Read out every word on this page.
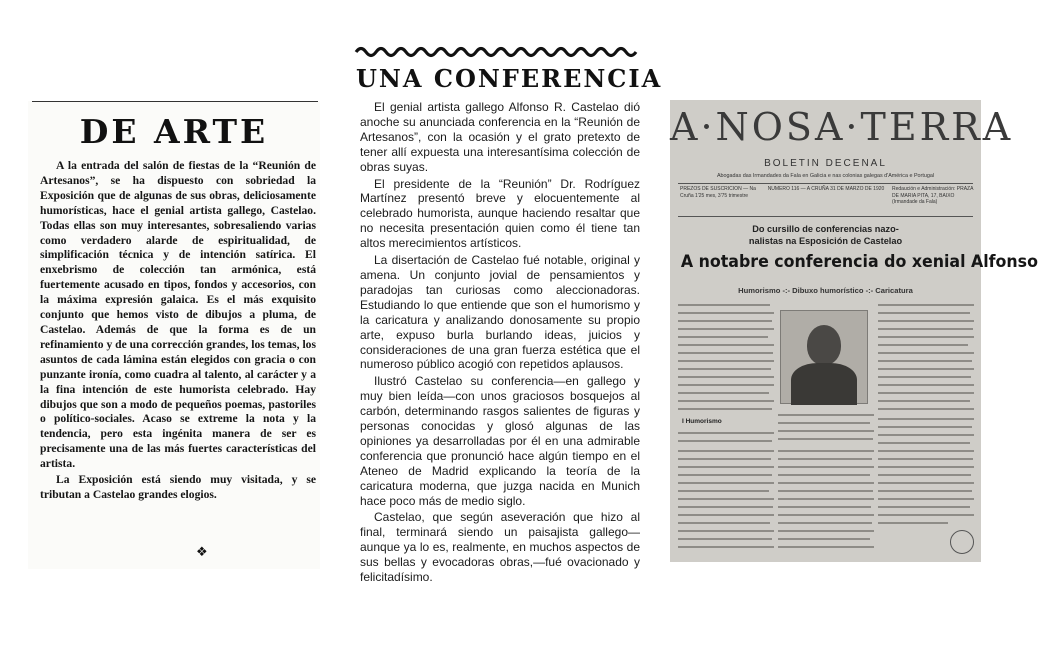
DE ARTE

A la entrada del salón de fiestas de la “Reunión de Artesanos”, se ha dispuesto con sobriedad la Exposición que de algunas de sus obras, deliciosamente humorísticas, hace el genial artista gallego, Castelao. Todas ellas son muy interesantes, sobresaliendo varias como verdadero alarde de espiritualidad, de simplificación técnica y de intención satírica. El enxebrismo de colección tan armónica, está fuertemente acusado en tipos, fondos y accesorios, con la máxima expresión galaica. Es el más exquisito conjunto que hemos visto de dibujos a pluma, de Castelao. Además de que la forma es de un refinamiento y de una corrección grandes, los temas, los asuntos de cada lámina están elegidos con gracia o con punzante ironía, como cuadra al talento, al carácter y a la fina intención de este humorista celebrado. Hay dibujos que son a modo de pequeños poemas, pastoriles o político-sociales. Acaso se extreme la nota y la tendencia, pero esta ingénita manera de ser es precisamente una de las más fuertes características del artista.

La Exposición está siendo muy visitada, y se tributan a Castelao grandes elogios.

❖
UNA CONFERENCIA

El genial artista gallego Alfonso R. Castelao dió anoche su anunciada conferencia en la “Reunión de Artesanos”, con la ocasión y el grato pretexto de tener allí expuesta una interesantísima colección de obras suyas.

El presidente de la “Reunión” Dr. Rodríguez Martínez presentó breve y elocuentemente al celebrado humorista, aunque haciendo resaltar que no necesita presentación quien como él tiene tan altos merecimientos artísticos.

La disertación de Castelao fué notable, original y amena. Un conjunto jovial de pensamientos y paradojas tan curiosas como aleccionadoras. Estudiando lo que entiende que son el humorismo y la caricatura y analizando donosamente su propio arte, expuso burla burlando ideas, juicios y consideraciones de una gran fuerza estética que el numeroso público acogió con repetidos aplausos.

Ilustró Castelao su conferencia—en gallego y muy bien leída—con unos graciosos bosquejos al carbón, determinando rasgos salientes de figuras y personas conocidas y glosó algunas de las opiniones ya desarrolladas por él en una admirable conferencia que pronunció hace algún tiempo en el Ateneo de Madrid explicando la teoría de la caricatura moderna, que juzga nacida en Munich hace poco más de medio siglo.

Castelao, que según aseveración que hizo al final, terminará siendo un paisajista gallego—aunque ya lo es, realmente, en muchos aspectos de sus bellas y evocadoras obras,—fué ovacionado y felicitadísimo.

A·NOSA·TERRA
BOLETIN DECENAL
Abogadas das Irmandades da Fala en Galicia e nas colonias galegas d'América e Portugal
PREZOS DE SUSCRICION — Na Cruña 1'25 mes, 3'75 trimestre
NUMERO 116 — A CRUÑA 31 DE MARZO DE 1920	Redaución e Administración: PRAZA DE MARIA PITA, 17, BAIXO (Irmandade da Fala)
Do cursillo de conferencias nazo-
nalistas na Esposición de Castelao
A notabre conferencia do xenial Alfonso
Humorismo -:- Dibuxo humorístico -:- Caricatura
I Humorismo
